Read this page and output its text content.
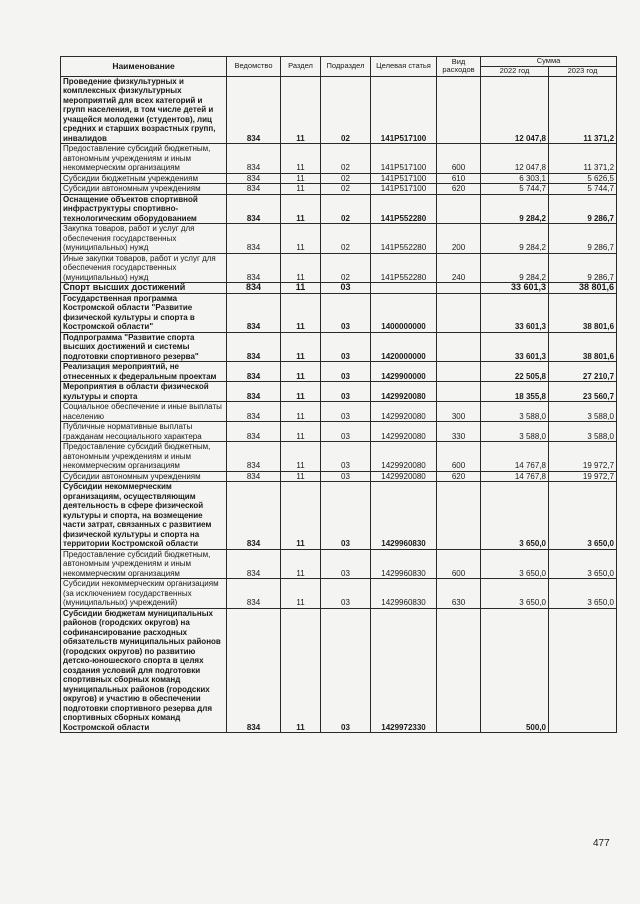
Наименование	Ведомство	Раздел	Подраздел	Целевая статья	Вид расходов	Сумма	
						2022 год	2023 год
Проведение физкультурных и комплексных физкультурных мероприятий для всех категорий и групп населения, в том числе детей и учащейся молодежи (студентов), лиц средних и старших возрастных групп, инвалидов	834	11	02	141P517100		12 047,8	11 371,2
Предоставление субсидий бюджетным, автономным учреждениям и иным некоммерческим организациям	834	11	02	141P517100	600	12 047,8	11 371,2
Субсидии бюджетным учреждениям	834	11	02	141P517100	610	6 303,1	5 626,5
Субсидии автономным учреждениям	834	11	02	141P517100	620	5 744,7	5 744,7
Оснащение объектов спортивной инфраструктуры спортивно-технологическим оборудованием	834	11	02	141P552280		9 284,2	9 286,7
Закупка товаров, работ и услуг для обеспечения государственных (муниципальных) нужд	834	11	02	141P552280	200	9 284,2	9 286,7
Иные закупки товаров, работ и услуг для обеспечения государственных (муниципальных) нужд	834	11	02	141P552280	240	9 284,2	9 286,7
Спорт высших достижений	834	11	03			33 601,3	38 801,6
Государственная программа Костромской области "Развитие физической культуры и спорта в Костромской области"	834	11	03	1400000000		33 601,3	38 801,6
Подпрограмма "Развитие спорта высших достижений и системы подготовки спортивного резерва"	834	11	03	1420000000		33 601,3	38 801,6
Реализация мероприятий, не отнесенных к федеральным проектам	834	11	03	1429900000		22 505,8	27 210,7
Мероприятия в области физической культуры и спорта	834	11	03	1429920080		18 355,8	23 560,7
Социальное обеспечение и иные выплаты населению	834	11	03	1429920080	300	3 588,0	3 588,0
Публичные нормативные выплаты гражданам несоциального характера	834	11	03	1429920080	330	3 588,0	3 588,0
Предоставление субсидий бюджетным, автономным учреждениям и иным некоммерческим организациям	834	11	03	1429920080	600	14 767,8	19 972,7
Субсидии автономным учреждениям	834	11	03	1429920080	620	14 767,8	19 972,7
Субсидии некоммерческим организациям, осуществляющим деятельность в сфере физической культуры и спорта, на возмещение части затрат, связанных с развитием физической культуры и спорта на территории Костромской области	834	11	03	1429960830		3 650,0	3 650,0
Предоставление субсидий бюджетным, автономным учреждениям и иным некоммерческим организациям	834	11	03	1429960830	600	3 650,0	3 650,0
Субсидии некоммерческим организациям (за исключением государственных (муниципальных) учреждений)	834	11	03	1429960830	630	3 650,0	3 650,0
Субсидии бюджетам муниципальных районов (городских округов) на софинансирование расходных обязательств муниципальных районов (городских округов) по развитию детско-юношеского спорта в целях создания условий для подготовки спортивных сборных команд муниципальных районов (городских округов) и участию в обеспечении подготовки спортивного резерва для спортивных сборных команд Костромской области	834	11	03	1429972330		500,0	
477
